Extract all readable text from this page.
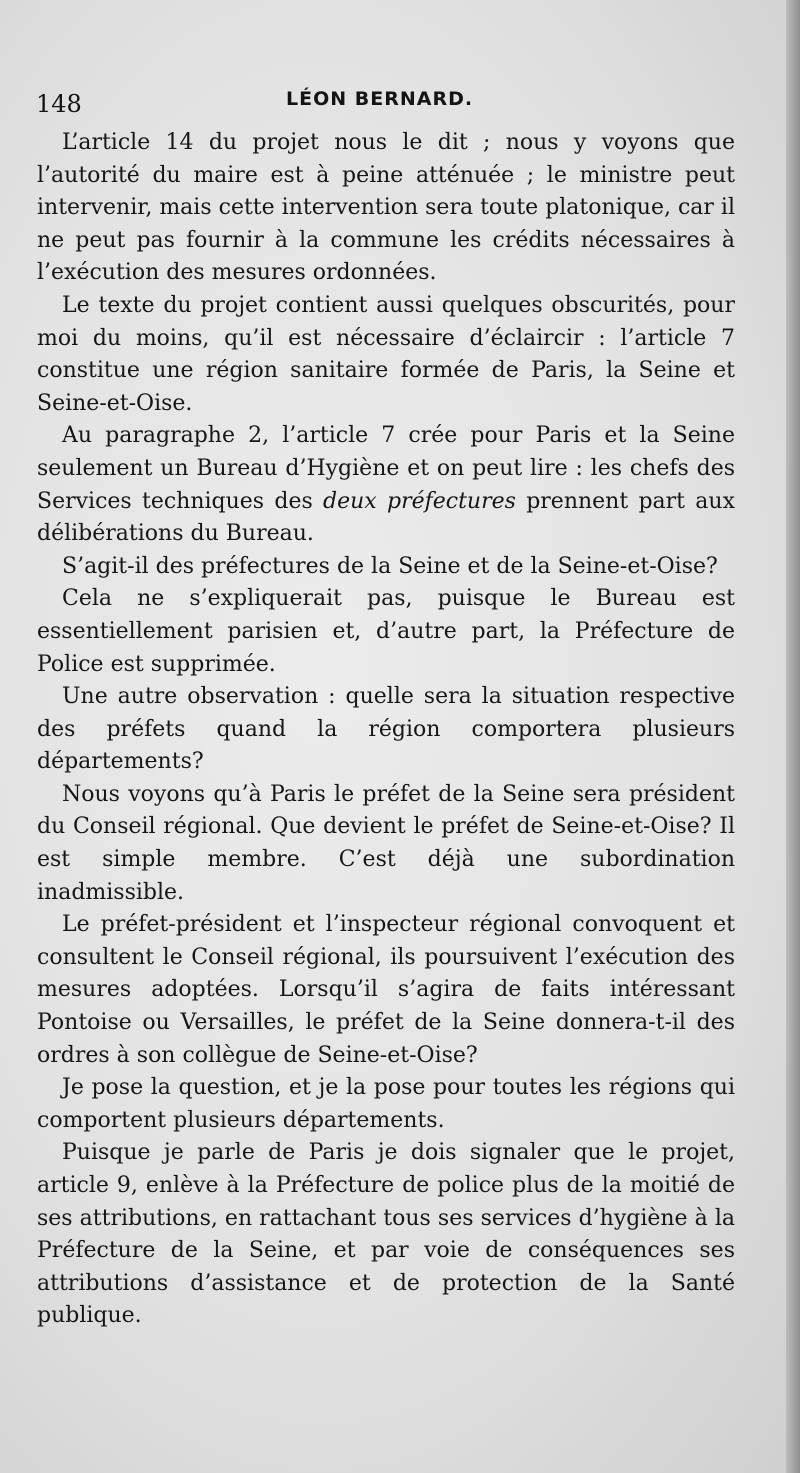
148	LÉON BERNARD.

L’article 14 du projet nous le dit ; nous y voyons que l’autorité du maire est à peine atténuée ; le ministre peut intervenir, mais cette intervention sera toute platonique, car il ne peut pas fournir à la commune les crédits nécessaires à l’exécution des mesures ordonnées.

Le texte du projet contient aussi quelques obscurités, pour moi du moins, qu’il est nécessaire d’éclaircir : l’article 7 constitue une région sanitaire formée de Paris, la Seine et Seine-et-Oise.

Au paragraphe 2, l’article 7 crée pour Paris et la Seine seulement un Bureau d’Hygiène et on peut lire : les chefs des Services techniques des deux préfectures prennent part aux délibérations du Bureau.

S’agit-il des préfectures de la Seine et de la Seine-et-Oise?

Cela ne s’expliquerait pas, puisque le Bureau est essentiellement parisien et, d’autre part, la Préfecture de Police est supprimée.

Une autre observation : quelle sera la situation respective des préfets quand la région comportera plusieurs départements?

Nous voyons qu’à Paris le préfet de la Seine sera président du Conseil régional. Que devient le préfet de Seine-et-Oise? Il est simple membre. C’est déjà une subordination inadmissible.

Le préfet-président et l’inspecteur régional convoquent et consultent le Conseil régional, ils poursuivent l’exécution des mesures adoptées. Lorsqu’il s’agira de faits intéressant Pontoise ou Versailles, le préfet de la Seine donnera-t-il des ordres à son collègue de Seine-et-Oise?

Je pose la question, et je la pose pour toutes les régions qui comportent plusieurs départements.

Puisque je parle de Paris je dois signaler que le projet, article 9, enlève à la Préfecture de police plus de la moitié de ses attributions, en rattachant tous ses services d’hygiène à la Préfecture de la Seine, et par voie de conséquences ses attributions d’assistance et de protection de la Santé publique.
